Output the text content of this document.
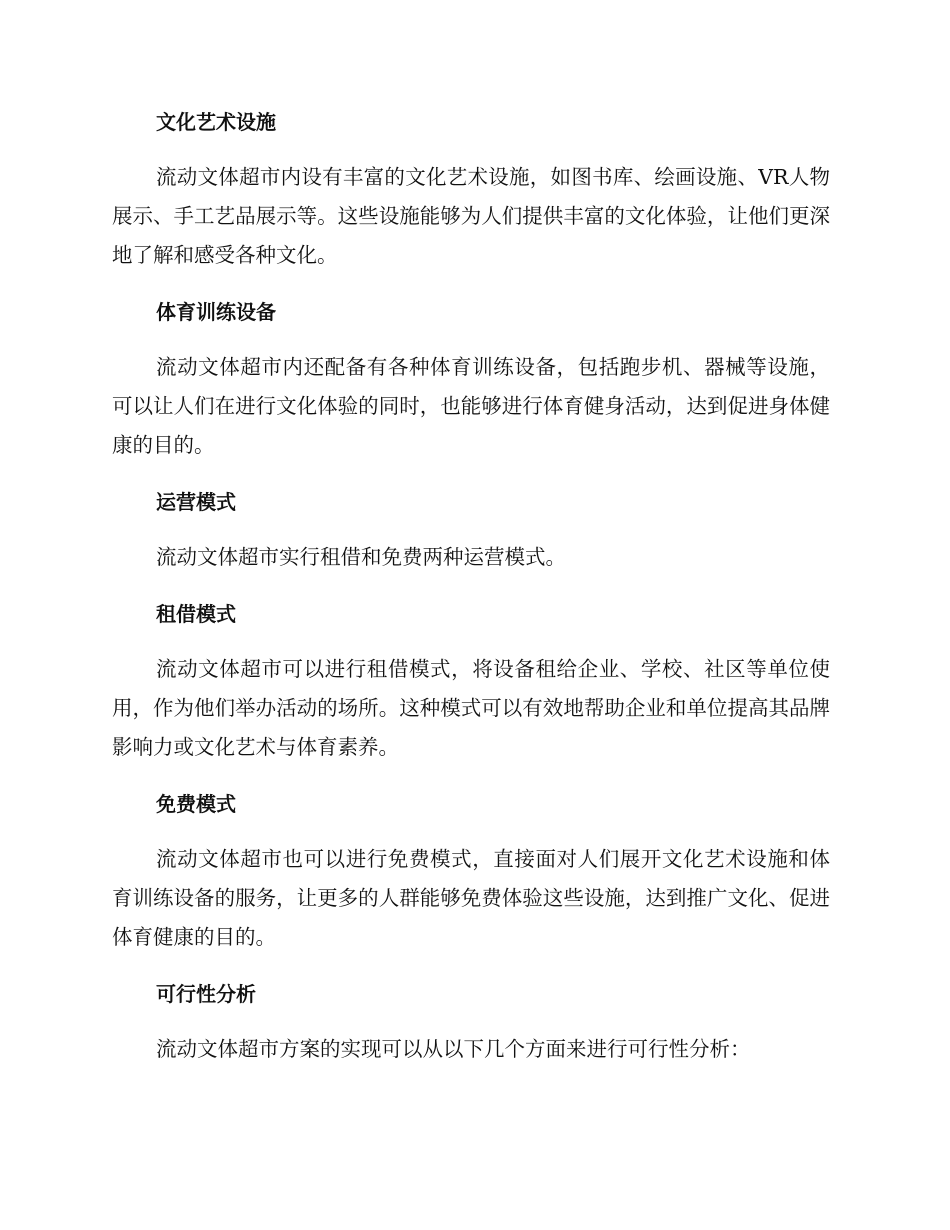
文化艺术设施

流动文体超市内设有丰富的文化艺术设施，如图书库、绘画设施、VR人物展示、手工艺品展示等。这些设施能够为人们提供丰富的文化体验，让他们更深地了解和感受各种文化。

体育训练设备

流动文体超市内还配备有各种体育训练设备，包括跑步机、器械等设施，可以让人们在进行文化体验的同时，也能够进行体育健身活动，达到促进身体健康的目的。

运营模式

流动文体超市实行租借和免费两种运营模式。

租借模式

流动文体超市可以进行租借模式，将设备租给企业、学校、社区等单位使用，作为他们举办活动的场所。这种模式可以有效地帮助企业和单位提高其品牌影响力或文化艺术与体育素养。

免费模式

流动文体超市也可以进行免费模式，直接面对人们展开文化艺术设施和体育训练设备的服务，让更多的人群能够免费体验这些设施，达到推广文化、促进体育健康的目的。

可行性分析

流动文体超市方案的实现可以从以下几个方面来进行可行性分析：
